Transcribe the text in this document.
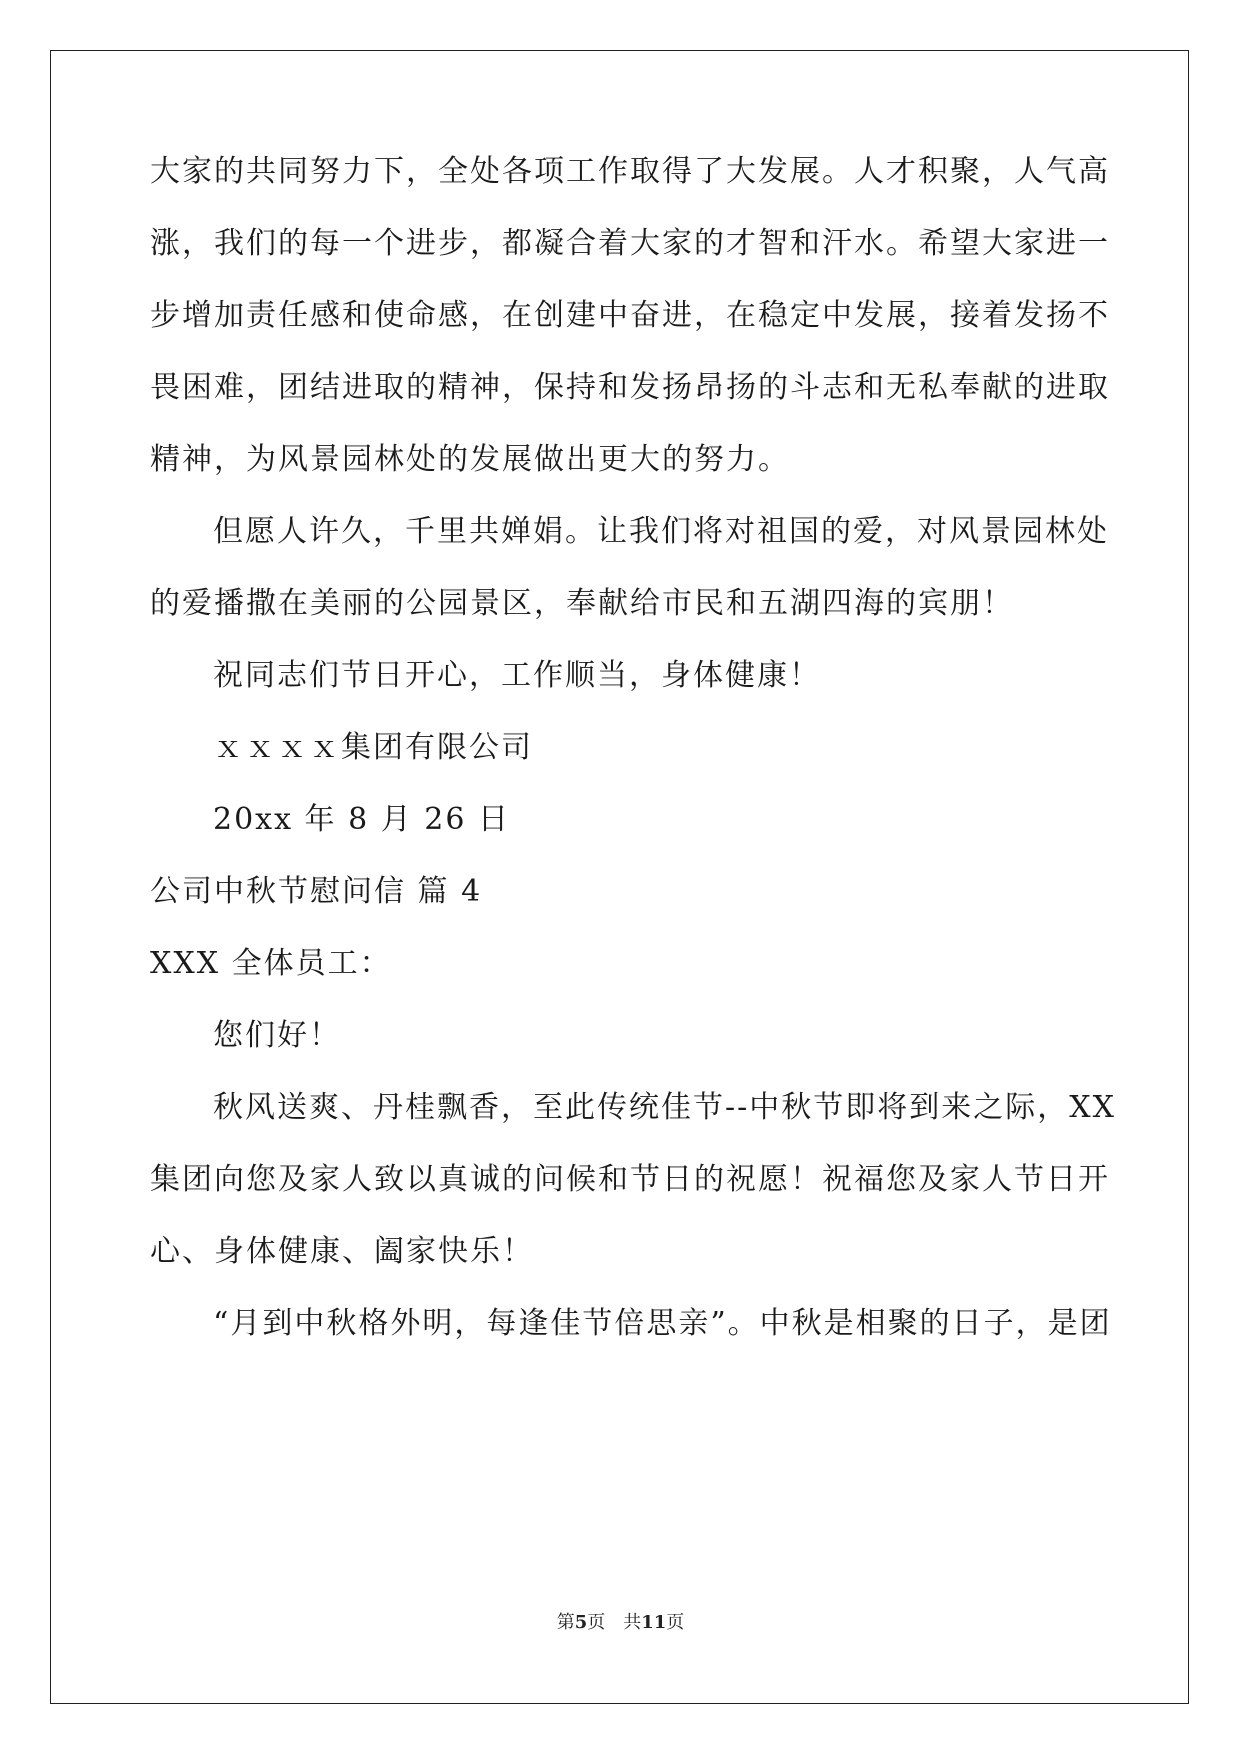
大家的共同努力下，全处各项工作取得了大发展。人才积聚，人气高
涨，我们的每一个进步，都凝合着大家的才智和汗水。希望大家进一
步增加责任感和使命感，在创建中奋进，在稳定中发展，接着发扬不
畏困难，团结进取的精神，保持和发扬昂扬的斗志和无私奉献的进取
精神，为风景园林处的发展做出更大的努力。
但愿人许久，千里共婵娟。让我们将对祖国的爱，对风景园林处
的爱播撒在美丽的公园景区，奉献给市民和五湖四海的宾朋！
祝同志们节日开心，工作顺当，身体健康！
ｘｘｘｘ集团有限公司
20xx 年 8 月 26 日
公司中秋节慰问信 篇 4
XXX 全体员工：
您们好！
秋风送爽、丹桂飘香，至此传统佳节--中秋节即将到来之际，XX
集团向您及家人致以真诚的问候和节日的祝愿！祝福您及家人节日开
心、身体健康、阖家快乐！
“月到中秋格外明，每逢佳节倍思亲”。中秋是相聚的日子，是团
第5页　共11页
